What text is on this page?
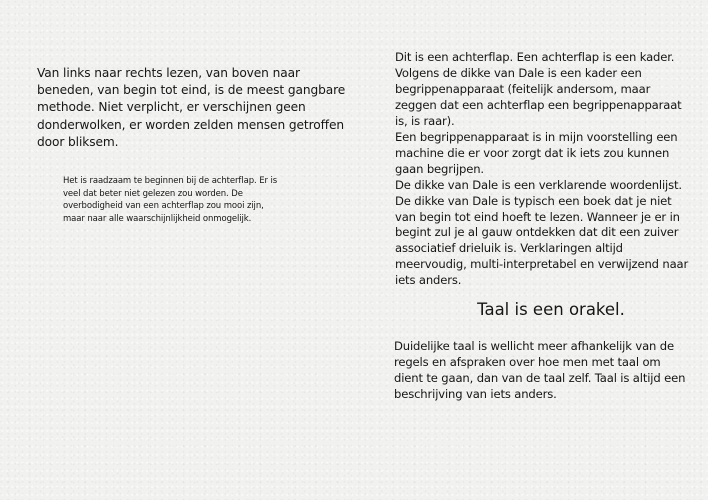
Van links naar rechts lezen, van boven naar
beneden, van begin tot eind, is de meest gangbare
methode. Niet verplicht, er verschijnen geen
donderwolken, er worden zelden mensen getroffen
door bliksem.

Het is raadzaam te beginnen bij de achterflap. Er is
veel dat beter niet gelezen zou worden. De
overbodigheid van een achterflap zou mooi zijn,
maar naar alle waarschijnlijkheid onmogelijk.

Dit is een achterflap. Een achterflap is een kader.
Volgens de dikke van Dale is een kader een
begrippenapparaat (feitelijk andersom, maar
zeggen dat een achterflap een begrippenapparaat
is, is raar).
Een begrippenapparaat is in mijn voorstelling een
machine die er voor zorgt dat ik iets zou kunnen
gaan begrijpen.
De dikke van Dale is een verklarende woordenlijst.
De dikke van Dale is typisch een boek dat je niet
van begin tot eind hoeft te lezen. Wanneer je er in
begint zul je al gauw ontdekken dat dit een zuiver
associatief drieluik is. Verklaringen altijd
meervoudig, multi-interpretabel en verwijzend naar
iets anders.
Taal is een orakel.

Duidelijke taal is wellicht meer afhankelijk van de
regels en afspraken over hoe men met taal om
dient te gaan, dan van de taal zelf. Taal is altijd een
beschrijving van iets anders.
